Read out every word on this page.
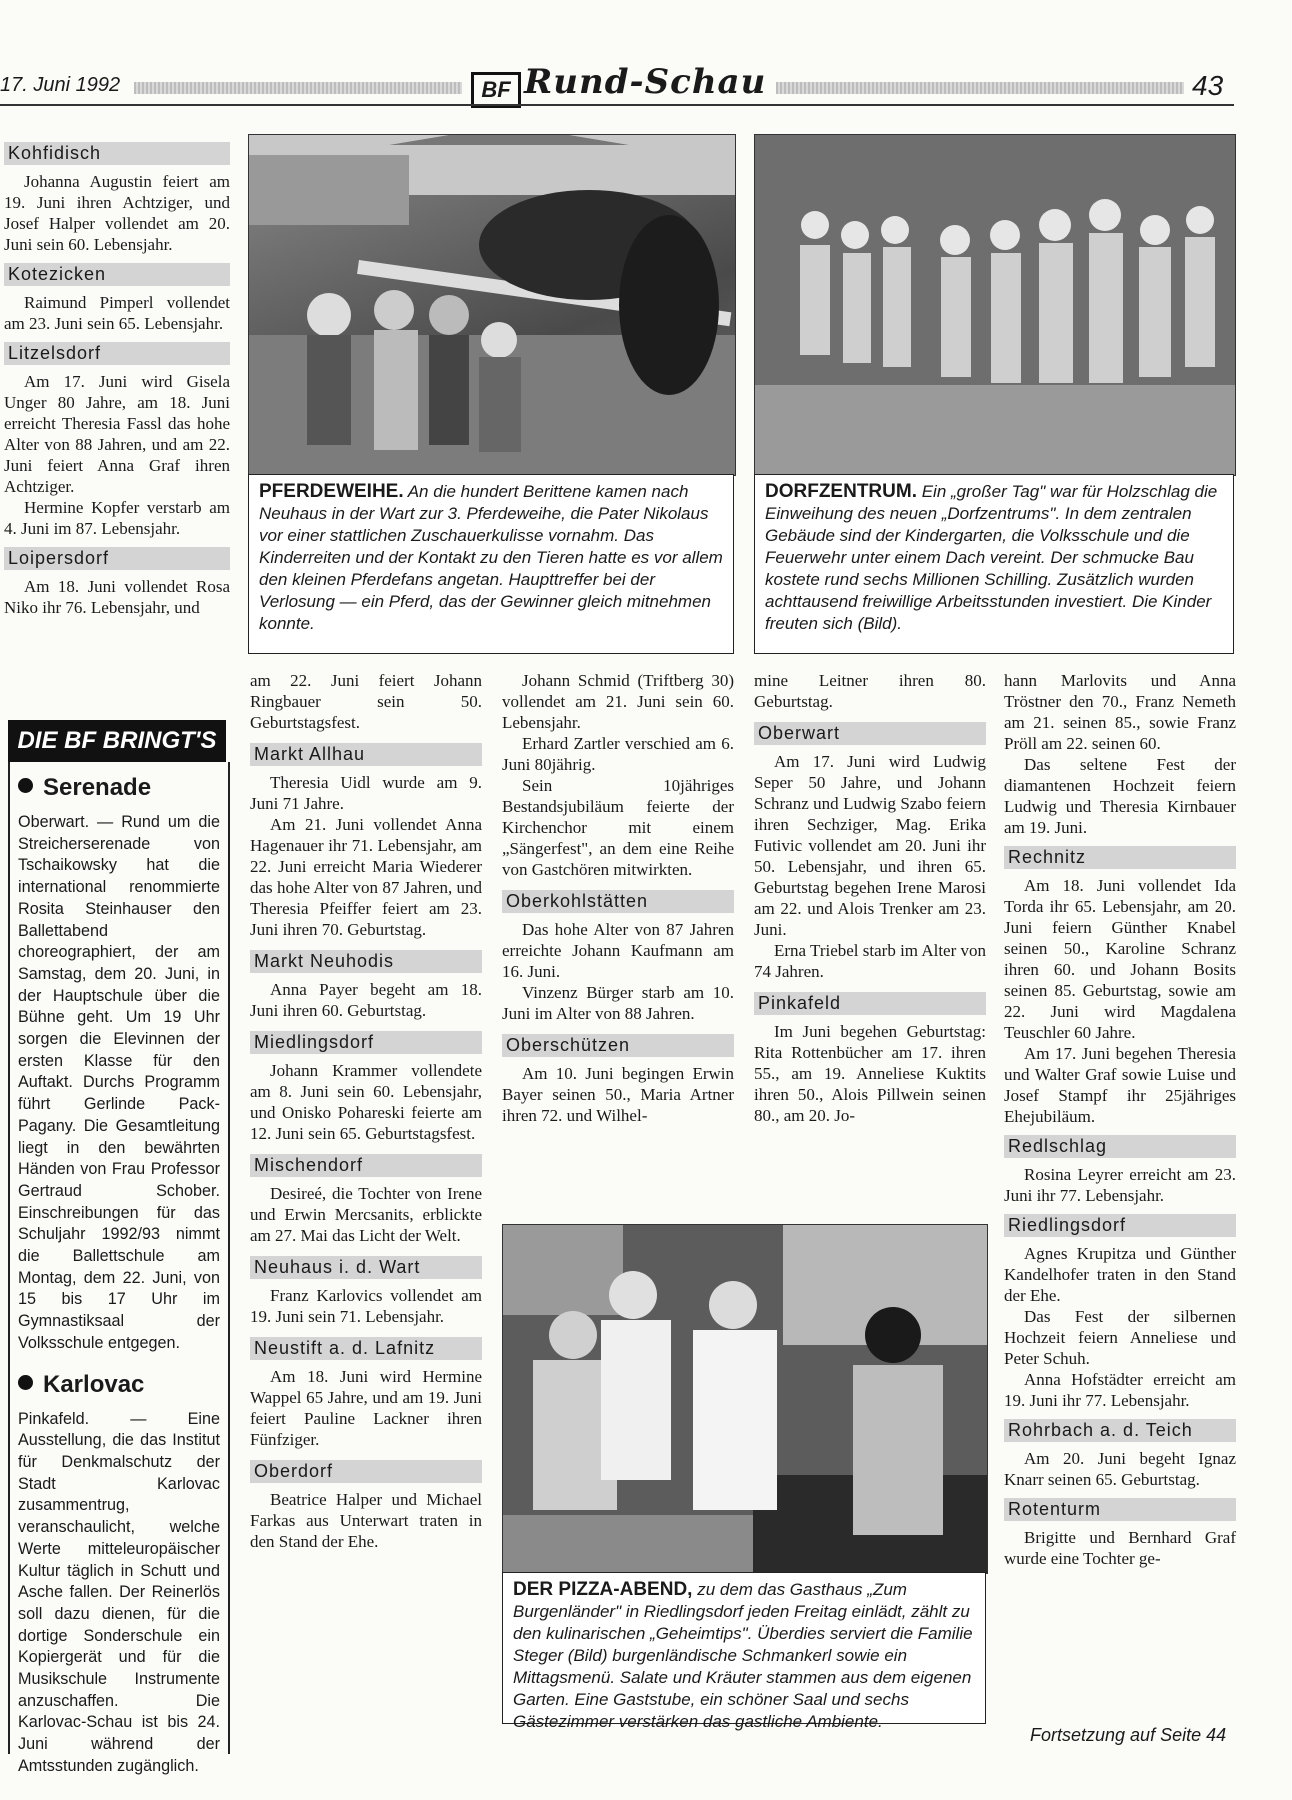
17. Juni 1992	BF Rund-Schau	43
Kohfidisch

Johanna Augustin feiert am 19. Juni ihren Achtziger, und Josef Halper vollendet am 20. Juni sein 60. Lebensjahr.

Kotezicken

Raimund Pimperl vollendet am 23. Juni sein 65. Lebensjahr.

Litzelsdorf

Am 17. Juni wird Gisela Unger 80 Jahre, am 18. Juni erreicht Theresia Fassl das hohe Alter von 88 Jahren, und am 22. Juni feiert Anna Graf ihren Achtziger.

Hermine Kopfer verstarb am 4. Juni im 87. Lebensjahr.

Loipersdorf

Am 18. Juni vollendet Rosa Niko ihr 76. Lebensjahr, und

PFERDEWEIHE. An die hundert Berittene kamen nach Neuhaus in der Wart zur 3. Pferdeweihe, die Pater Nikolaus vor einer stattlichen Zuschauerkulisse vornahm. Das Kinderreiten und der Kontakt zu den Tieren hatte es vor allem den kleinen Pferdefans angetan. Haupttreffer bei der Verlosung — ein Pferd, das der Gewinner gleich mitnehmen konnte.
DORFZENTRUM. Ein „großer Tag" war für Holzschlag die Einweihung des neuen „Dorfzentrums". In dem zentralen Gebäude sind der Kindergarten, die Volksschule und die Feuerwehr unter einem Dach vereint. Der schmucke Bau kostete rund sechs Millionen Schilling. Zusätzlich wurden achttausend freiwillige Arbeitsstunden investiert. Die Kinder freuten sich (Bild).
DIE BF BRINGT'S
Serenade
Oberwart. — Rund um die Streicherserenade von Tschaikowsky hat die international renommierte Rosita Steinhauser den Ballettabend choreographiert, der am Samstag, dem 20. Juni, in der Hauptschule über die Bühne geht. Um 19 Uhr sorgen die Elevinnen der ersten Klasse für den Auftakt. Durchs Programm führt Gerlinde Pack-Pagany. Die Gesamtleitung liegt in den bewährten Händen von Frau Professor Gertraud Schober. Einschreibungen für das Schuljahr 1992/93 nimmt die Ballettschule am Montag, dem 22. Juni, von 15 bis 17 Uhr im Gymnastiksaal der Volksschule entgegen.
Karlovac
Pinkafeld. — Eine Ausstellung, die das Institut für Denkmalschutz der Stadt Karlovac zusammentrug, veranschaulicht, welche Werte mitteleuropäischer Kultur täglich in Schutt und Asche fallen. Der Reinerlös soll dazu dienen, für die dortige Sonderschule ein Kopiergerät und für die Musikschule Instrumente anzuschaffen. Die Karlovac-Schau ist bis 24. Juni während der Amtsstunden zugänglich.

am 22. Juni feiert Johann Ringbauer sein 50. Geburtstagsfest.

Markt Allhau

Theresia Uidl wurde am 9. Juni 71 Jahre.

Am 21. Juni vollendet Anna Hagenauer ihr 71. Lebensjahr, am 22. Juni erreicht Maria Wiederer das hohe Alter von 87 Jahren, und Theresia Pfeiffer feiert am 23. Juni ihren 70. Geburtstag.

Markt Neuhodis

Anna Payer begeht am 18. Juni ihren 60. Geburtstag.

Miedlingsdorf

Johann Krammer vollendete am 8. Juni sein 60. Lebensjahr, und Onisko Pohareski feierte am 12. Juni sein 65. Geburtstagsfest.

Mischendorf

Desireé, die Tochter von Irene und Erwin Mercsanits, erblickte am 27. Mai das Licht der Welt.

Neuhaus i. d. Wart

Franz Karlovics vollendet am 19. Juni sein 71. Lebensjahr.

Neustift a. d. Lafnitz

Am 18. Juni wird Hermine Wappel 65 Jahre, und am 19. Juni feiert Pauline Lackner ihren Fünfziger.

Oberdorf

Beatrice Halper und Michael Farkas aus Unterwart traten in den Stand der Ehe.

Johann Schmid (Triftberg 30) vollendet am 21. Juni sein 60. Lebensjahr.

Erhard Zartler verschied am 6. Juni 80jährig.

Sein 10jähriges Bestandsjubiläum feierte der Kirchenchor mit einem „Sängerfest", an dem eine Reihe von Gastchören mitwirkten.

Oberkohlstätten

Das hohe Alter von 87 Jahren erreichte Johann Kaufmann am 16. Juni.

Vinzenz Bürger starb am 10. Juni im Alter von 88 Jahren.

Oberschützen

Am 10. Juni begingen Erwin Bayer seinen 50., Maria Artner ihren 72. und Wilhel-

mine Leitner ihren 80. Geburtstag.

Oberwart

Am 17. Juni wird Ludwig Seper 50 Jahre, und Johann Schranz und Ludwig Szabo feiern ihren Sechziger, Mag. Erika Futivic vollendet am 20. Juni ihr 50. Lebensjahr, und ihren 65. Geburtstag begehen Irene Marosi am 22. und Alois Trenker am 23. Juni.

Erna Triebel starb im Alter von 74 Jahren.

Pinkafeld

Im Juni begehen Geburtstag: Rita Rottenbücher am 17. ihren 55., am 19. Anneliese Kuktits ihren 50., Alois Pillwein seinen 80., am 20. Jo-

hann Marlovits und Anna Tröstner den 70., Franz Nemeth am 21. seinen 85., sowie Franz Pröll am 22. seinen 60.

Das seltene Fest der diamantenen Hochzeit feiern Ludwig und Theresia Kirnbauer am 19. Juni.

Rechnitz

Am 18. Juni vollendet Ida Torda ihr 65. Lebensjahr, am 20. Juni feiern Günther Knabel seinen 50., Karoline Schranz ihren 60. und Johann Bosits seinen 85. Geburtstag, sowie am 22. Juni wird Magdalena Teuschler 60 Jahre.

Am 17. Juni begehen Theresia und Walter Graf sowie Luise und Josef Stampf ihr 25jähriges Ehejubiläum.

Redlschlag

Rosina Leyrer erreicht am 23. Juni ihr 77. Lebensjahr.

Riedlingsdorf

Agnes Krupitza und Günther Kandelhofer traten in den Stand der Ehe.

Das Fest der silbernen Hochzeit feiern Anneliese und Peter Schuh.

Anna Hofstädter erreicht am 19. Juni ihr 77. Lebensjahr.

Rohrbach a. d. Teich

Am 20. Juni begeht Ignaz Knarr seinen 65. Geburtstag.

Rotenturm

Brigitte und Bernhard Graf wurde eine Tochter ge-

DER PIZZA-ABEND, zu dem das Gasthaus „Zum Burgenländer" in Riedlingsdorf jeden Freitag einlädt, zählt zu den kulinarischen „Geheimtips". Überdies serviert die Familie Steger (Bild) burgenländische Schmankerl sowie ein Mittagsmenü. Salate und Kräuter stammen aus dem eigenen Garten. Eine Gaststube, ein schöner Saal und sechs Gästezimmer verstärken das gastliche Ambiente.
Fortsetzung auf Seite 44
